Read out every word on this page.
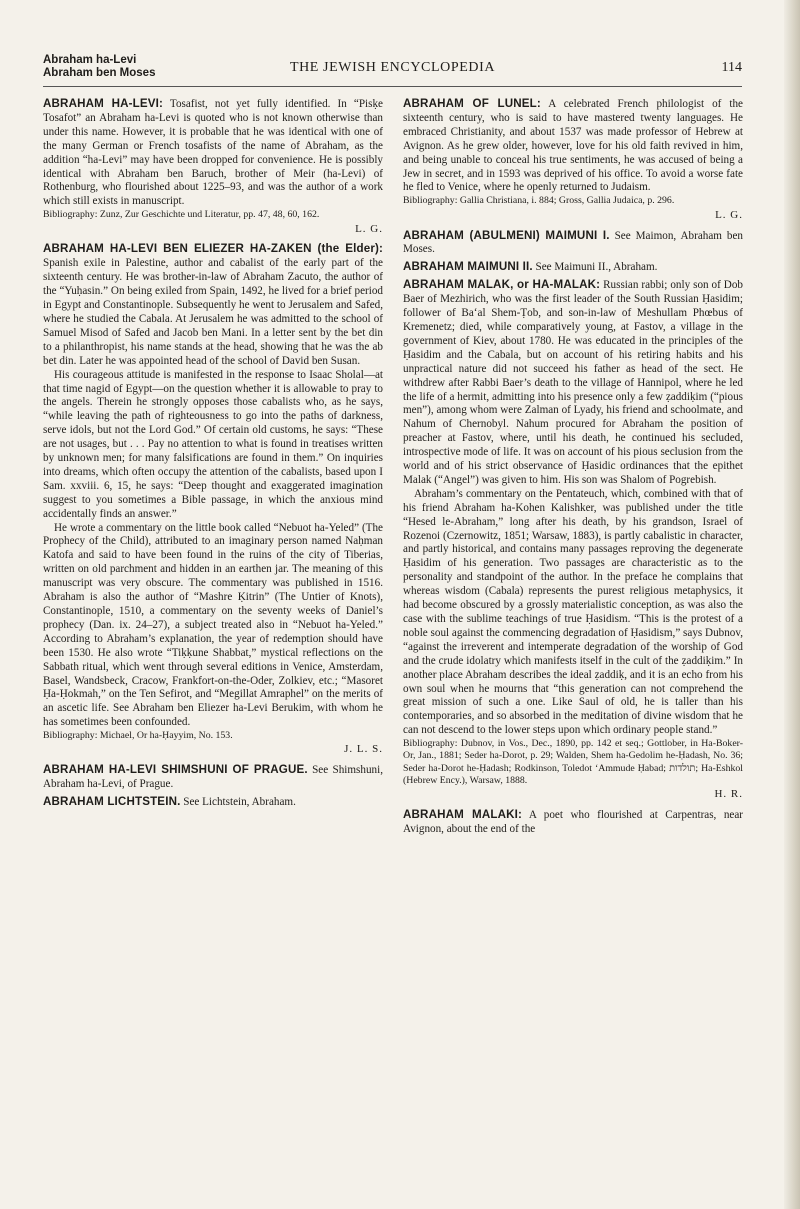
Abraham ha-Levi
Abraham ben Moses	THE JEWISH ENCYCLOPEDIA	114

ABRAHAM HA-LEVI: Tosafist, not yet fully identified. In “Pisḳe Tosafot” an Abraham ha-Levi is quoted who is not known otherwise than under this name. However, it is probable that he was identical with one of the many German or French tosafists of the name of Abraham, as the addition “ha-Levi” may have been dropped for convenience. He is possibly identical with Abraham ben Baruch, brother of Meir (ha-Levi) of Rothenburg, who flourished about 1225–93, and was the author of a work which still exists in manuscript.

Bibliography: Zunz, Zur Geschichte und Literatur, pp. 47, 48, 60, 162.

L. G.

ABRAHAM HA-LEVI BEN ELIEZER HA-ZAKEN (the Elder): Spanish exile in Palestine, author and cabalist of the early part of the sixteenth century. He was brother-in-law of Abraham Zacuto, the author of the “Yuḥasin.” On being exiled from Spain, 1492, he lived for a brief period in Egypt and Constantinople. Subsequently he went to Jerusalem and Safed, where he studied the Cabala. At Jerusalem he was admitted to the school of Samuel Misod of Safed and Jacob ben Mani. In a letter sent by the bet din to a philanthropist, his name stands at the head, showing that he was the ab bet din. Later he was appointed head of the school of David ben Susan.

His courageous attitude is manifested in the response to Isaac Sholal—at that time nagid of Egypt—on the question whether it is allowable to pray to the angels. Therein he strongly opposes those cabalists who, as he says, “while leaving the path of righteousness to go into the paths of darkness, serve idols, but not the Lord God.” Of certain old customs, he says: “These are not usages, but . . . Pay no attention to what is found in treatises written by unknown men; for many falsifications are found in them.” On inquiries into dreams, which often occupy the attention of the cabalists, based upon I Sam. xxviii. 6, 15, he says: “Deep thought and exaggerated imagination suggest to you sometimes a Bible passage, in which the anxious mind accidentally finds an answer.”

He wrote a commentary on the little book called “Nebuot ha-Yeled” (The Prophecy of the Child), attributed to an imaginary person named Naḥman Katofa and said to have been found in the ruins of the city of Tiberias, written on old parchment and hidden in an earthen jar. The meaning of this manuscript was very obscure. The commentary was published in 1516. Abraham is also the author of “Mashre Ḳitrin” (The Untier of Knots), Constantinople, 1510, a commentary on the seventy weeks of Daniel’s prophecy (Dan. ix. 24–27), a subject treated also in “Nebuot ha-Yeled.” According to Abraham’s explanation, the year of redemption should have been 1530. He also wrote “Tiḳḳune Shabbat,” mystical reflections on the Sabbath ritual, which went through several editions in Venice, Amsterdam, Basel, Wandsbeck, Cracow, Frankfort-on-the-Oder, Zolkiev, etc.; “Masoret Ḥa-Ḥokmah,” on the Ten Sefirot, and “Megillat Amraphel” on the merits of an ascetic life. See Abraham ben Eliezer ha-Levi Berukim, with whom he has sometimes been confounded.

Bibliography: Michael, Or ha-Ḥayyim, No. 153.

J. L. S.

ABRAHAM HA-LEVI SHIMSHUNI OF PRAGUE. See Shimshuni, Abraham ha-Levi, of Prague.

ABRAHAM LICHTSTEIN. See Lichtstein, Abraham.

ABRAHAM OF LUNEL: A celebrated French philologist of the sixteenth century, who is said to have mastered twenty languages. He embraced Christianity, and about 1537 was made professor of Hebrew at Avignon. As he grew older, however, love for his old faith revived in him, and being unable to conceal his true sentiments, he was accused of being a Jew in secret, and in 1593 was deprived of his office. To avoid a worse fate he fled to Venice, where he openly returned to Judaism.

Bibliography: Gallia Christiana, i. 884; Gross, Gallia Judaica, p. 296.

L. G.

ABRAHAM (ABULMENI) MAIMUNI I. See Maimon, Abraham ben Moses.

ABRAHAM MAIMUNI II. See Maimuni II., Abraham.

ABRAHAM MALAK, or HA-MALAK: Russian rabbi; only son of Dob Baer of Mezhirich, who was the first leader of the South Russian Ḥasidim; follower of Ba‘al Shem-Ṭob, and son-in-law of Meshullam Phœbus of Kremenetz; died, while comparatively young, at Fastov, a village in the government of Kiev, about 1780. He was educated in the principles of the Ḥasidim and the Cabala, but on account of his retiring habits and his unpractical nature did not succeed his father as head of the sect. He withdrew after Rabbi Baer’s death to the village of Hannipol, where he led the life of a hermit, admitting into his presence only a few ẓaddiḳim (“pious men”), among whom were Zalman of Lyady, his friend and schoolmate, and Nahum of Chernobyl. Nahum procured for Abraham the position of preacher at Fastov, where, until his death, he continued his secluded, introspective mode of life. It was on account of his pious seclusion from the world and of his strict observance of Ḥasidic ordinances that the epithet Malak (“Angel”) was given to him. His son was Shalom of Pogrebish.

Abraham’s commentary on the Pentateuch, which, combined with that of his friend Abraham ha-Kohen Kalishker, was published under the title “Hesed le-Abraham,” long after his death, by his grandson, Israel of Rozenoi (Czernowitz, 1851; Warsaw, 1883), is partly cabalistic in character, and partly historical, and contains many passages reproving the degenerate Ḥasidim of his generation. Two passages are characteristic as to the personality and standpoint of the author. In the preface he complains that whereas wisdom (Cabala) represents the purest religious metaphysics, it had become obscured by a grossly materialistic conception, as was also the case with the sublime teachings of true Ḥasidism. “This is the protest of a noble soul against the commencing degradation of Ḥasidism,” says Dubnov, “against the irreverent and intemperate degradation of the worship of God and the crude idolatry which manifests itself in the cult of the ẓaddiḳim.” In another place Abraham describes the ideal ẓaddiḳ, and it is an echo from his own soul when he mourns that “this generation can not comprehend the great mission of such a one. Like Saul of old, he is taller than his contemporaries, and so absorbed in the meditation of divine wisdom that he can not descend to the lower steps upon which ordinary people stand.”

Bibliography: Dubnov, in Vos., Dec., 1890, pp. 142 et seq.; Gottlober, in Ha-Boker-Or, Jan., 1881; Seder ha-Dorot, p. 29; Walden, Shem ha-Gedolim he-Ḥadash, No. 36; Seder ha-Dorot he-Ḥadash; Rodkinson, Toledot ‘Ammude Ḥabad; תולדות; Ha-Eshkol (Hebrew Ency.), Warsaw, 1888.

H. R.

ABRAHAM MALAKI: A poet who flourished at Carpentras, near Avignon, about the end of the
